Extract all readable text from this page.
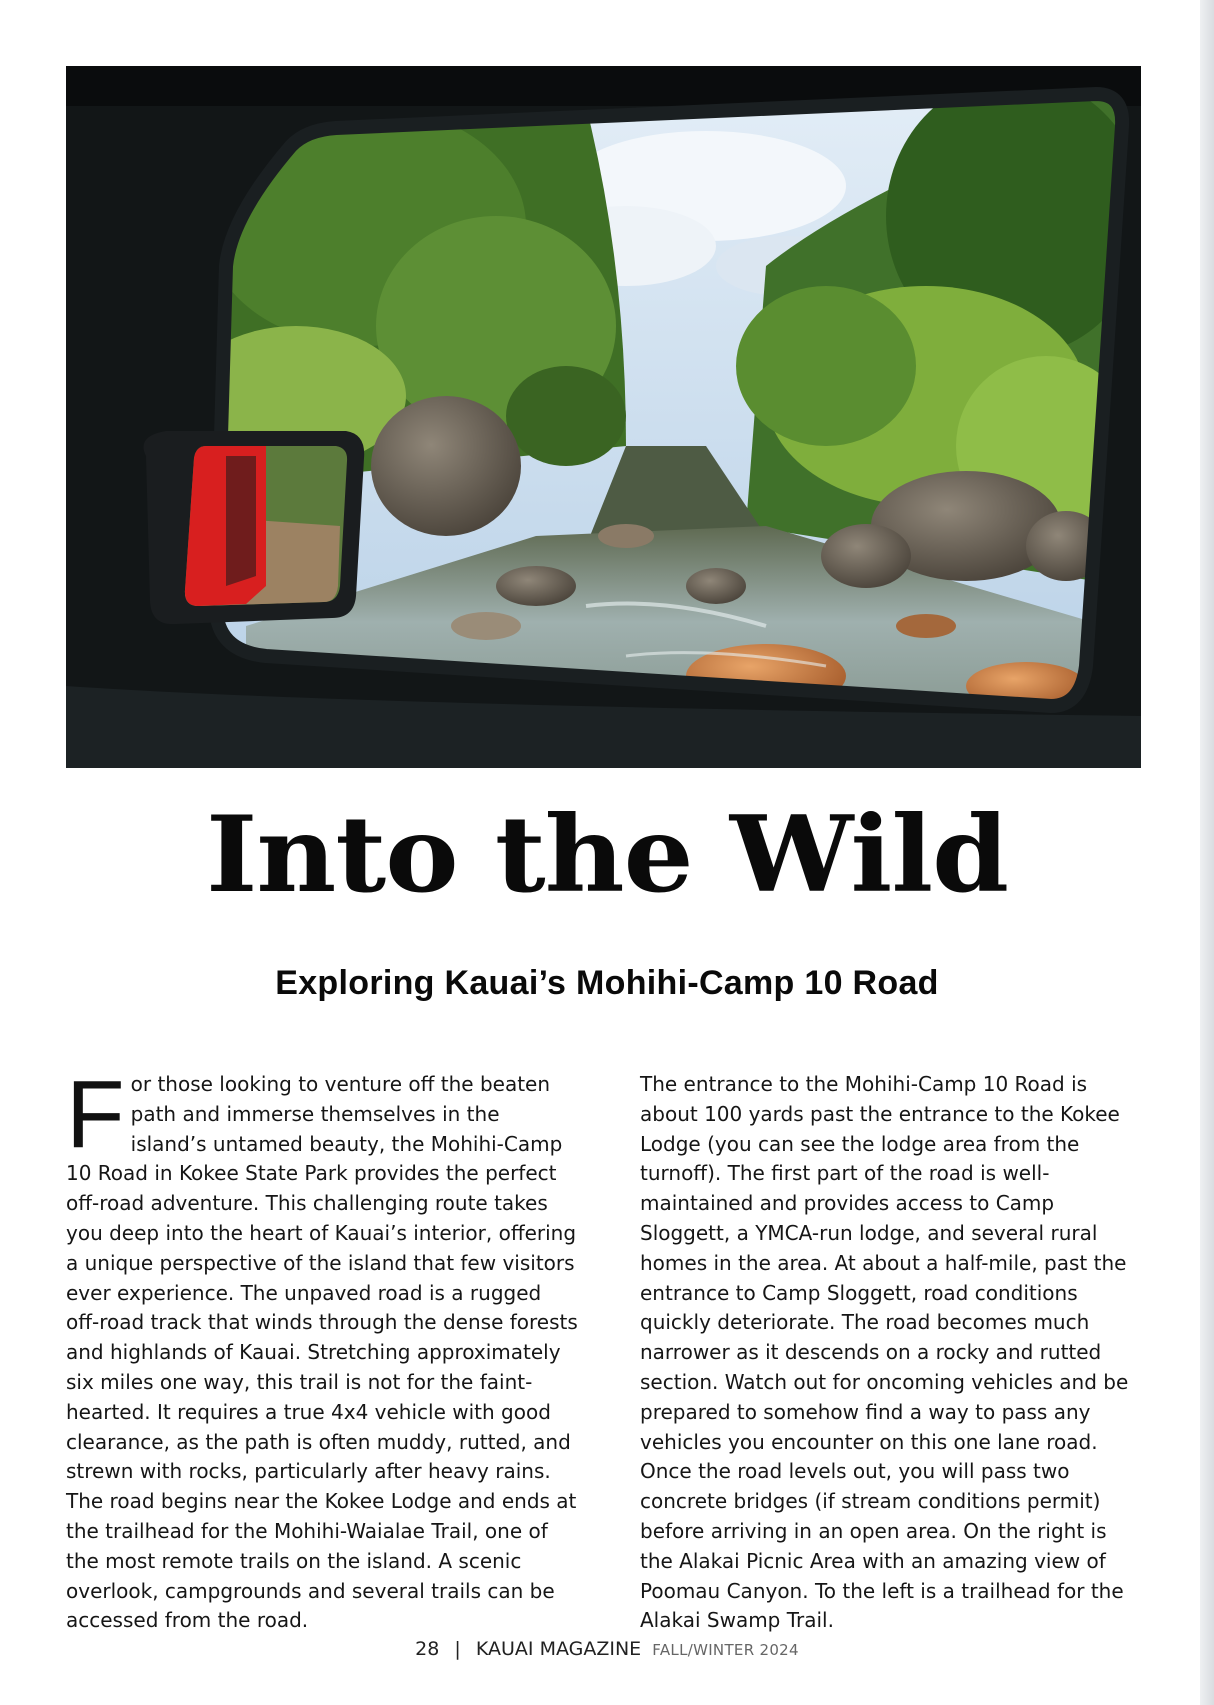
Into the Wild
Exploring Kauai’s Mohihi-Camp 10 Road
F or those looking to venture off the beaten path and immerse themselves in the island’s untamed beauty, the Mohihi-Camp 10 Road in Kokee State Park provides the perfect off-road adventure. This challenging route takes you deep into the heart of Kauai’s interior, offering a unique perspective of the island that few visitors ever experience. The unpaved road is a rugged off-road track that winds through the dense forests and highlands of Kauai. Stretching approximately six miles one way, this trail is not for the faint-hearted. It requires a true 4x4 vehicle with good clearance, as the path is often muddy, rutted, and strewn with rocks, particularly after heavy rains. The road begins near the Kokee Lodge and ends at the trailhead for the Mohihi-Waialae Trail, one of the most remote trails on the island. A scenic overlook, campgrounds and several trails can be accessed from the road.

The entrance to the Mohihi-Camp 10 Road is about 100 yards past the entrance to the Kokee Lodge (you can see the lodge area from the turnoff). The first part of the road is well-maintained and provides access to Camp Sloggett, a YMCA-run lodge, and several rural homes in the area. At about a half-mile, past the entrance to Camp Sloggett, road conditions quickly deteriorate. The road becomes much narrower as it descends on a rocky and rutted section. Watch out for oncoming vehicles and be prepared to somehow find a way to pass any vehicles you encounter on this one lane road. Once the road levels out, you will pass two concrete bridges (if stream conditions permit) before arriving in an open area. On the right is the Alakai Picnic Area with an amazing view of Poomau Canyon. To the left is a trailhead for the Alakai Swamp Trail.

28 | KAUAI MAGAZINE FALL/WINTER 2024
